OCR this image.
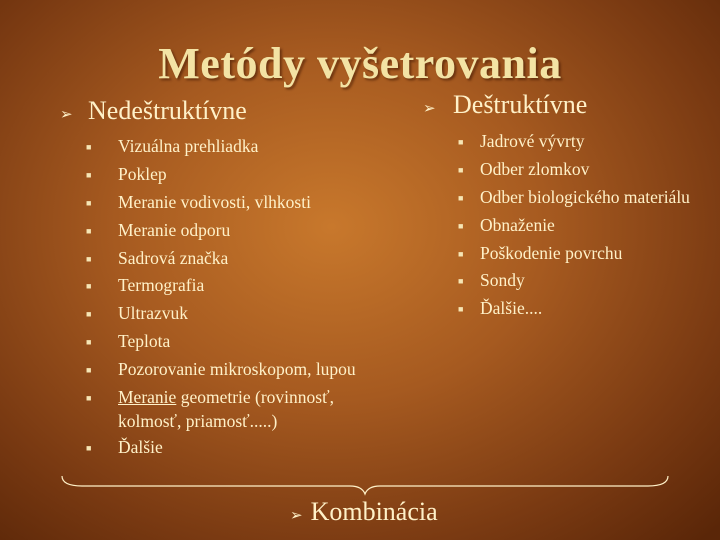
Metódy vyšetrovania
➢ Nedeštruktívne
■	Vizuálna prehliadka
■	Poklep
■	Meranie vodivosti, vlhkosti
■	Meranie odporu
■	Sadrová značka
■	Termografia
■	Ultrazvuk
■	Teplota
■	Pozorovanie mikroskopom, lupou
■	Meranie geometrie (rovinnosť, kolmosť, priamosť.....)
■	Ďalšie
➢ Deštruktívne
■ Jadrové vývrty
■ Odber zlomkov
■ Odber biologického materiálu
■ Obnaženie
■ Poškodenie povrchu
■ Sondy
■ Ďalšie....
➢ Kombinácia
